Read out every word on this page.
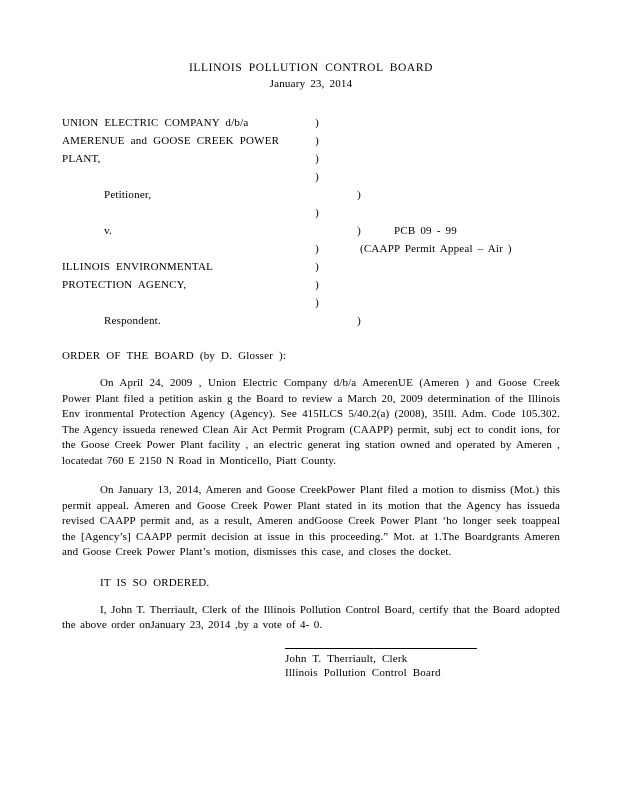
ILLINOIS POLLUTION CONTROL BOARD
January 23, 2014
UNION ELECTRIC COMPANY d/b/a	)
AMERENUE and GOOSE CREEK POWER	)
PLANT,	)

)
Petitioner,	)

)
v.	)	PCB 09 - 99

)	(CAAPP Permit Appeal – Air )
ILLINOIS ENVIRONMENTAL	)
PROTECTION AGENCY,	)

)
Respondent.	)
ORDER OF THE BOARD (by D. Glosser ):

On April 24, 2009 , Union Electric Company d/b/a AmerenUE (Ameren ) and Goose Creek Power Plant filed a petition askin g the Board to review a March 20, 2009 determination of the Illinois Env ironmental Protection Agency (Agency). See 415ILCS 5/40.2(a) (2008), 35Ill. Adm. Code 105.302. The Agency issueda renewed Clean Air Act Permit Program (CAAPP) permit, subj ect to condit ions, for the Goose Creek Power Plant facility , an electric generat ing station owned and operated by Ameren , locatedat 760 E 2150 N Road in Monticello, Piatt County.

On January 13, 2014, Ameren and Goose CreekPower Plant filed a motion to dismiss (Mot.) this permit appeal. Ameren and Goose Creek Power Plant stated in its motion that the Agency has issueda revised CAAPP permit and, as a result, Ameren andGoose Creek Power Plant ‘ho longer seek toappeal the [Agency’s] CAAPP permit decision at issue in this proceeding.” Mot. at 1.The Boardgrants Ameren and Goose Creek Power Plant’s motion, dismisses this case, and closes the docket.

IT IS SO ORDERED.

I, John T. Therriault, Clerk of the Illinois Pollution Control Board, certify that the Board adopted the above order onJanuary 23, 2014 ,by a vote of 4- 0.

John T. Therriault, Clerk
Illinois Pollution Control Board
